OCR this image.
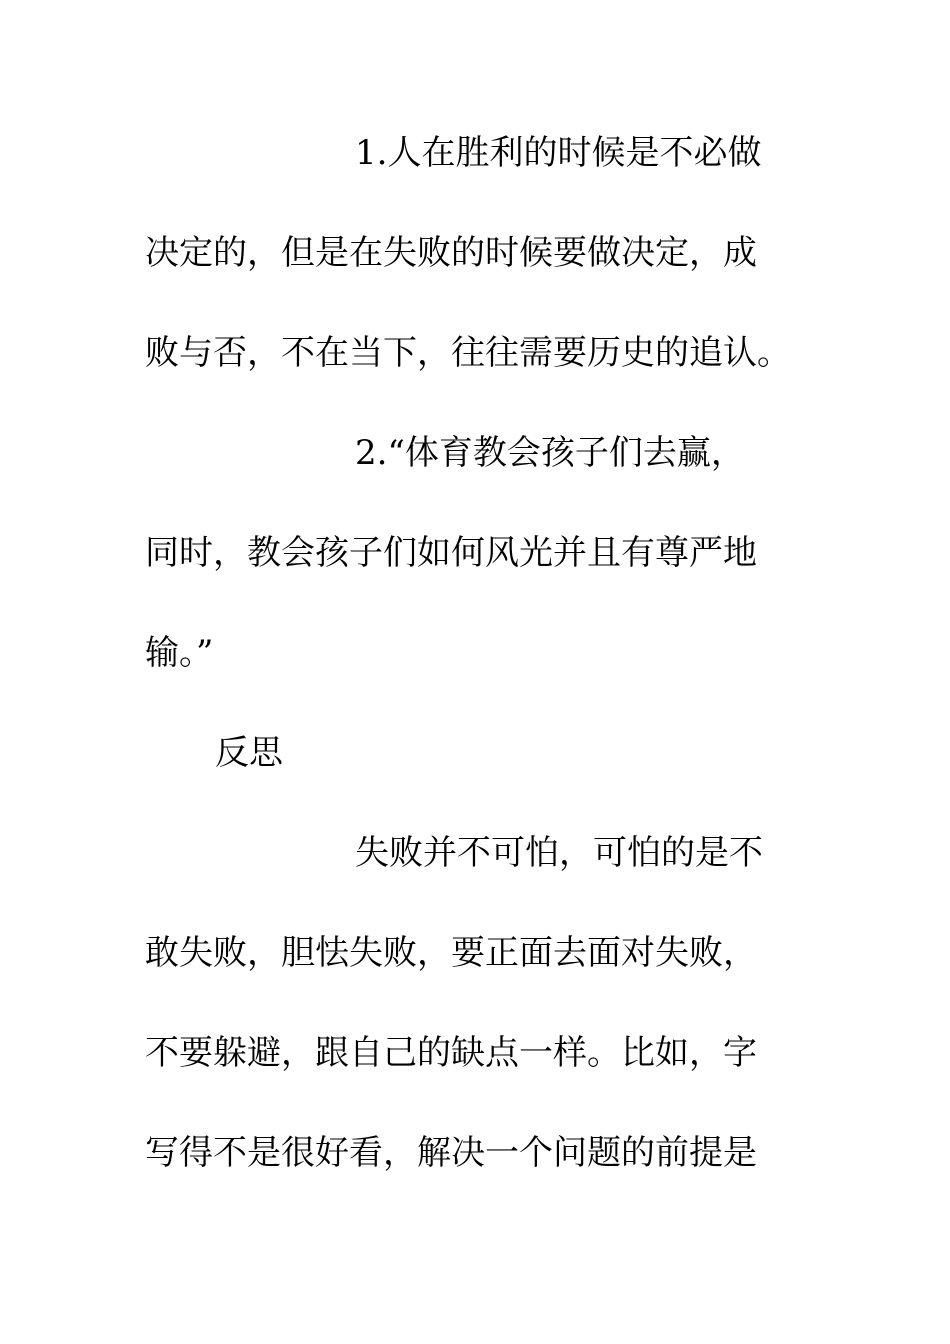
1.人在胜利的时候是不必做
决定的，但是在失败的时候要做决定，成
败与否，不在当下，往往需要历史的追认。
2.“体育教会孩子们去赢，
同时，教会孩子们如何风光并且有尊严地
输。”
反思
失败并不可怕，可怕的是不
敢失败，胆怯失败，要正面去面对失败，
不要躲避，跟自己的缺点一样。比如，字
写得不是很好看，解决一个问题的前提是
